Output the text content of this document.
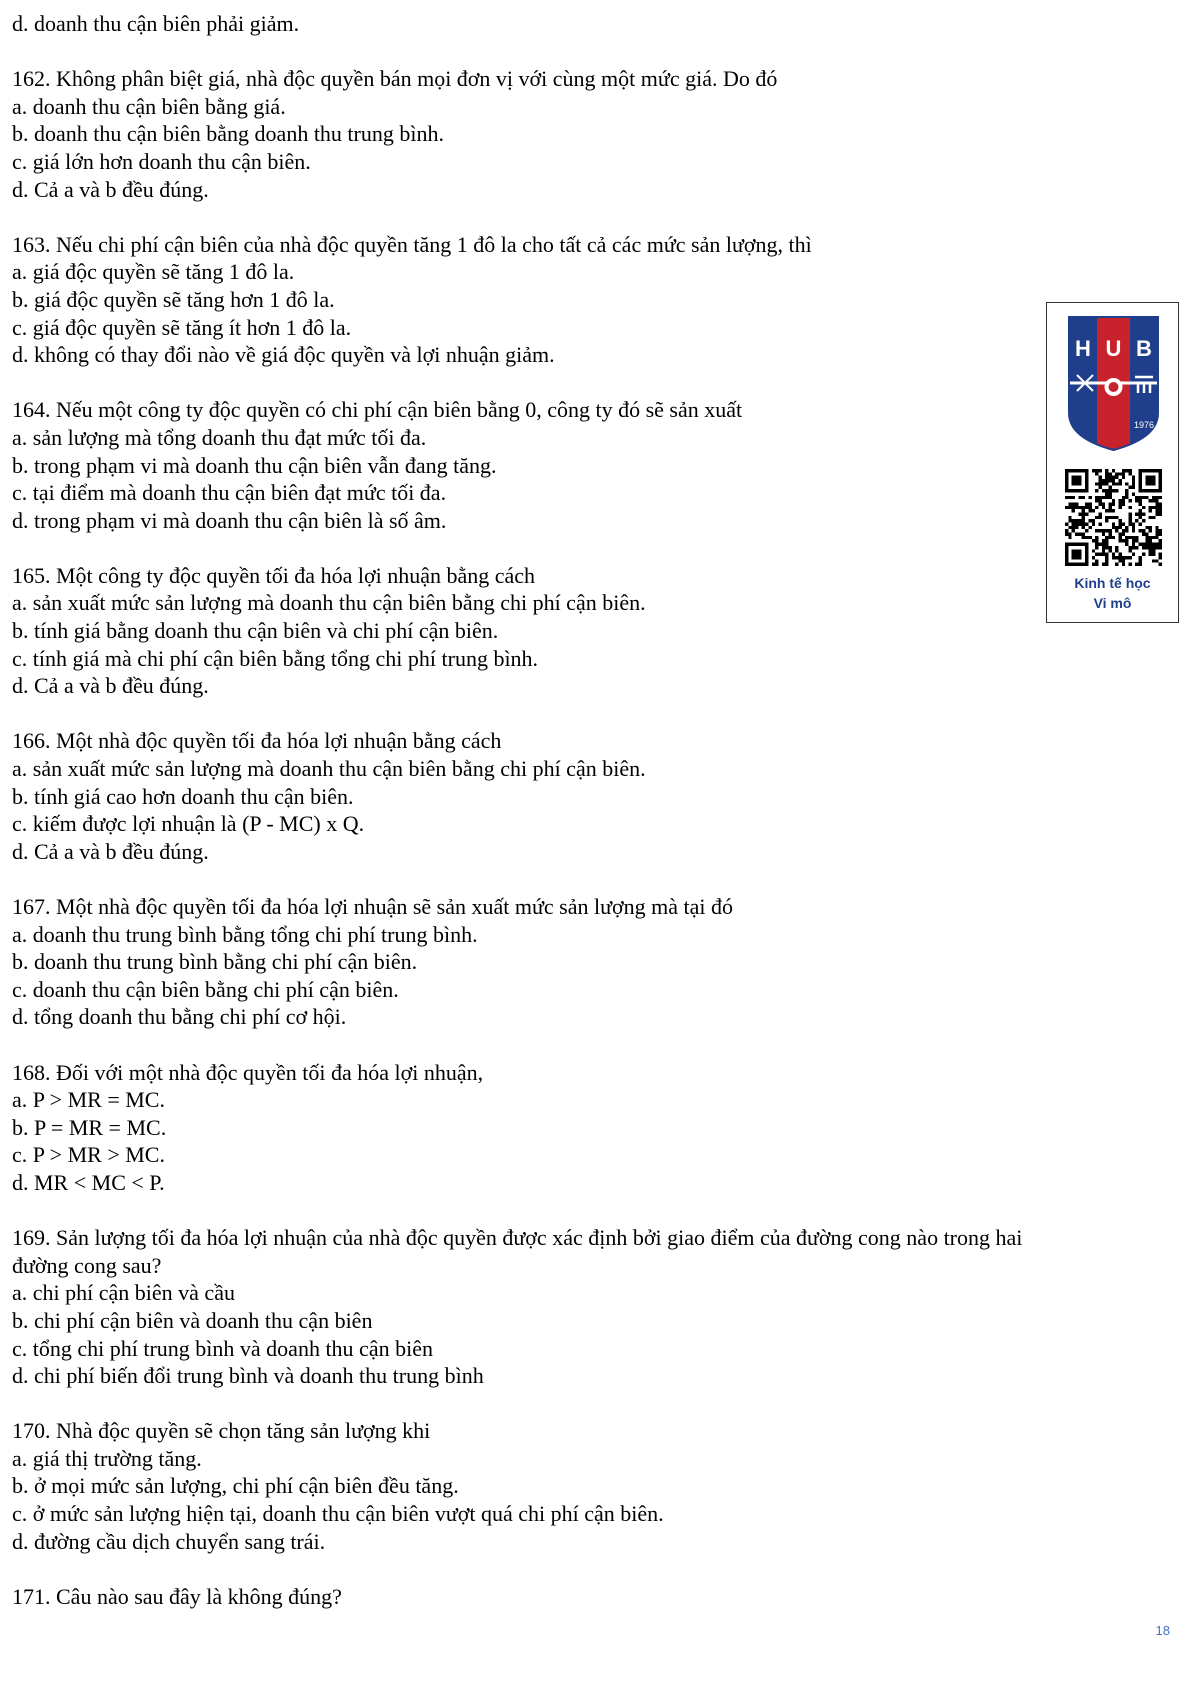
d. doanh thu cận biên phải giảm.
162. Không phân biệt giá, nhà độc quyền bán mọi đơn vị với cùng một mức giá. Do đó
a. doanh thu cận biên bằng giá.
b. doanh thu cận biên bằng doanh thu trung bình.
c. giá lớn hơn doanh thu cận biên.
d. Cả a và b đều đúng.
163. Nếu chi phí cận biên của nhà độc quyền tăng 1 đô la cho tất cả các mức sản lượng, thì
a. giá độc quyền sẽ tăng 1 đô la.
b. giá độc quyền sẽ tăng hơn 1 đô la.
c. giá độc quyền sẽ tăng ít hơn 1 đô la.
d. không có thay đổi nào về giá độc quyền và lợi nhuận giảm.
164. Nếu một công ty độc quyền có chi phí cận biên bằng 0, công ty đó sẽ sản xuất
a. sản lượng mà tổng doanh thu đạt mức tối đa.
b. trong phạm vi mà doanh thu cận biên vẫn đang tăng.
c. tại điểm mà doanh thu cận biên đạt mức tối đa.
d. trong phạm vi mà doanh thu cận biên là số âm.
165. Một công ty độc quyền tối đa hóa lợi nhuận bằng cách
a. sản xuất mức sản lượng mà doanh thu cận biên bằng chi phí cận biên.
b. tính giá bằng doanh thu cận biên và chi phí cận biên.
c. tính giá mà chi phí cận biên bằng tổng chi phí trung bình.
d. Cả a và b đều đúng.
166. Một nhà độc quyền tối đa hóa lợi nhuận bằng cách
a. sản xuất mức sản lượng mà doanh thu cận biên bằng chi phí cận biên.
b. tính giá cao hơn doanh thu cận biên.
c. kiếm được lợi nhuận là (P - MC) x Q.
d. Cả a và b đều đúng.
167. Một nhà độc quyền tối đa hóa lợi nhuận sẽ sản xuất mức sản lượng mà tại đó
a. doanh thu trung bình bằng tổng chi phí trung bình.
b. doanh thu trung bình bằng chi phí cận biên.
c. doanh thu cận biên bằng chi phí cận biên.
d. tổng doanh thu bằng chi phí cơ hội.
168. Đối với một nhà độc quyền tối đa hóa lợi nhuận,
a. P > MR = MC.
b. P = MR = MC.
c. P > MR > MC.
d. MR < MC < P.
169. Sản lượng tối đa hóa lợi nhuận của nhà độc quyền được xác định bởi giao điểm của đường cong nào trong hai
đường cong sau?
a. chi phí cận biên và cầu
b. chi phí cận biên và doanh thu cận biên
c. tổng chi phí trung bình và doanh thu cận biên
d. chi phí biến đổi trung bình và doanh thu trung bình
170. Nhà độc quyền sẽ chọn tăng sản lượng khi
a. giá thị trường tăng.
b. ở mọi mức sản lượng, chi phí cận biên đều tăng.
c. ở mức sản lượng hiện tại, doanh thu cận biên vượt quá chi phí cận biên.
d. đường cầu dịch chuyển sang trái.
171. Câu nào sau đây là không đúng?
H U B
1976
Kinh tế học
Vi mô
18
